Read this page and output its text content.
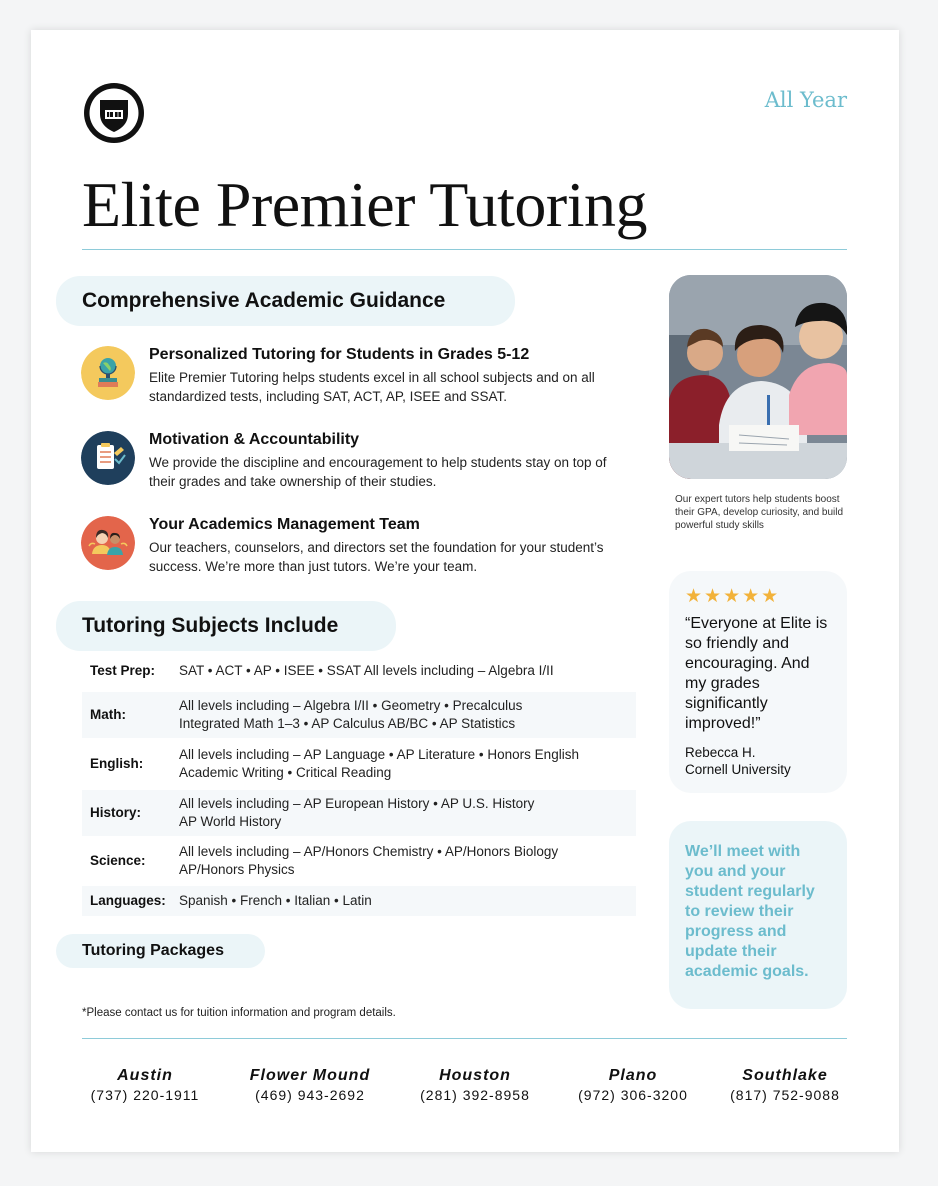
All Year
Elite Premier Tutoring
Comprehensive Academic Guidance
Personalized Tutoring for Students in Grades 5-12

Elite Premier Tutoring helps students excel in all school subjects and on all standardized tests, including SAT, ACT, AP, ISEE and SSAT.

Motivation & Accountability

We provide the discipline and encouragement to help students stay on top of their grades and take ownership of their studies.

Your Academics Management Team

Our teachers, counselors, and directors set the foundation for your student’s success. We’re more than just tutors. We’re your team.

Tutoring Subjects Include
Test Prep:	SAT • ACT • AP • ISEE • SSAT All levels including – Algebra I/II

Math:	All levels including – Algebra I/II • Geometry • Precalculus
Integrated Math 1–3 • AP Calculus AB/BC • AP Statistics

English:	All levels including – AP Language • AP Literature • Honors English
Academic Writing • Critical Reading

History:	All levels including – AP European History • AP U.S. History
AP World History

Science:	All levels including – AP/Honors Chemistry • AP/Honors Biology
AP/Honors Physics

Languages:	Spanish • French • Italian • Latin
Tutoring Packages
*Please contact us for tuition information and program details.
Our expert tutors help students boost their GPA, develop curiosity, and build powerful study skills
★★★★★
“Everyone at Elite is so friendly and encouraging. And my grades significantly improved!”
Rebecca H.
Cornell University
We’ll meet with you and your student regularly to review their progress and update their academic goals.
Austin
(737) 220-1911
Flower Mound
(469) 943-2692
Houston
(281) 392-8958
Plano
(972) 306-3200
Southlake
(817) 752-9088
